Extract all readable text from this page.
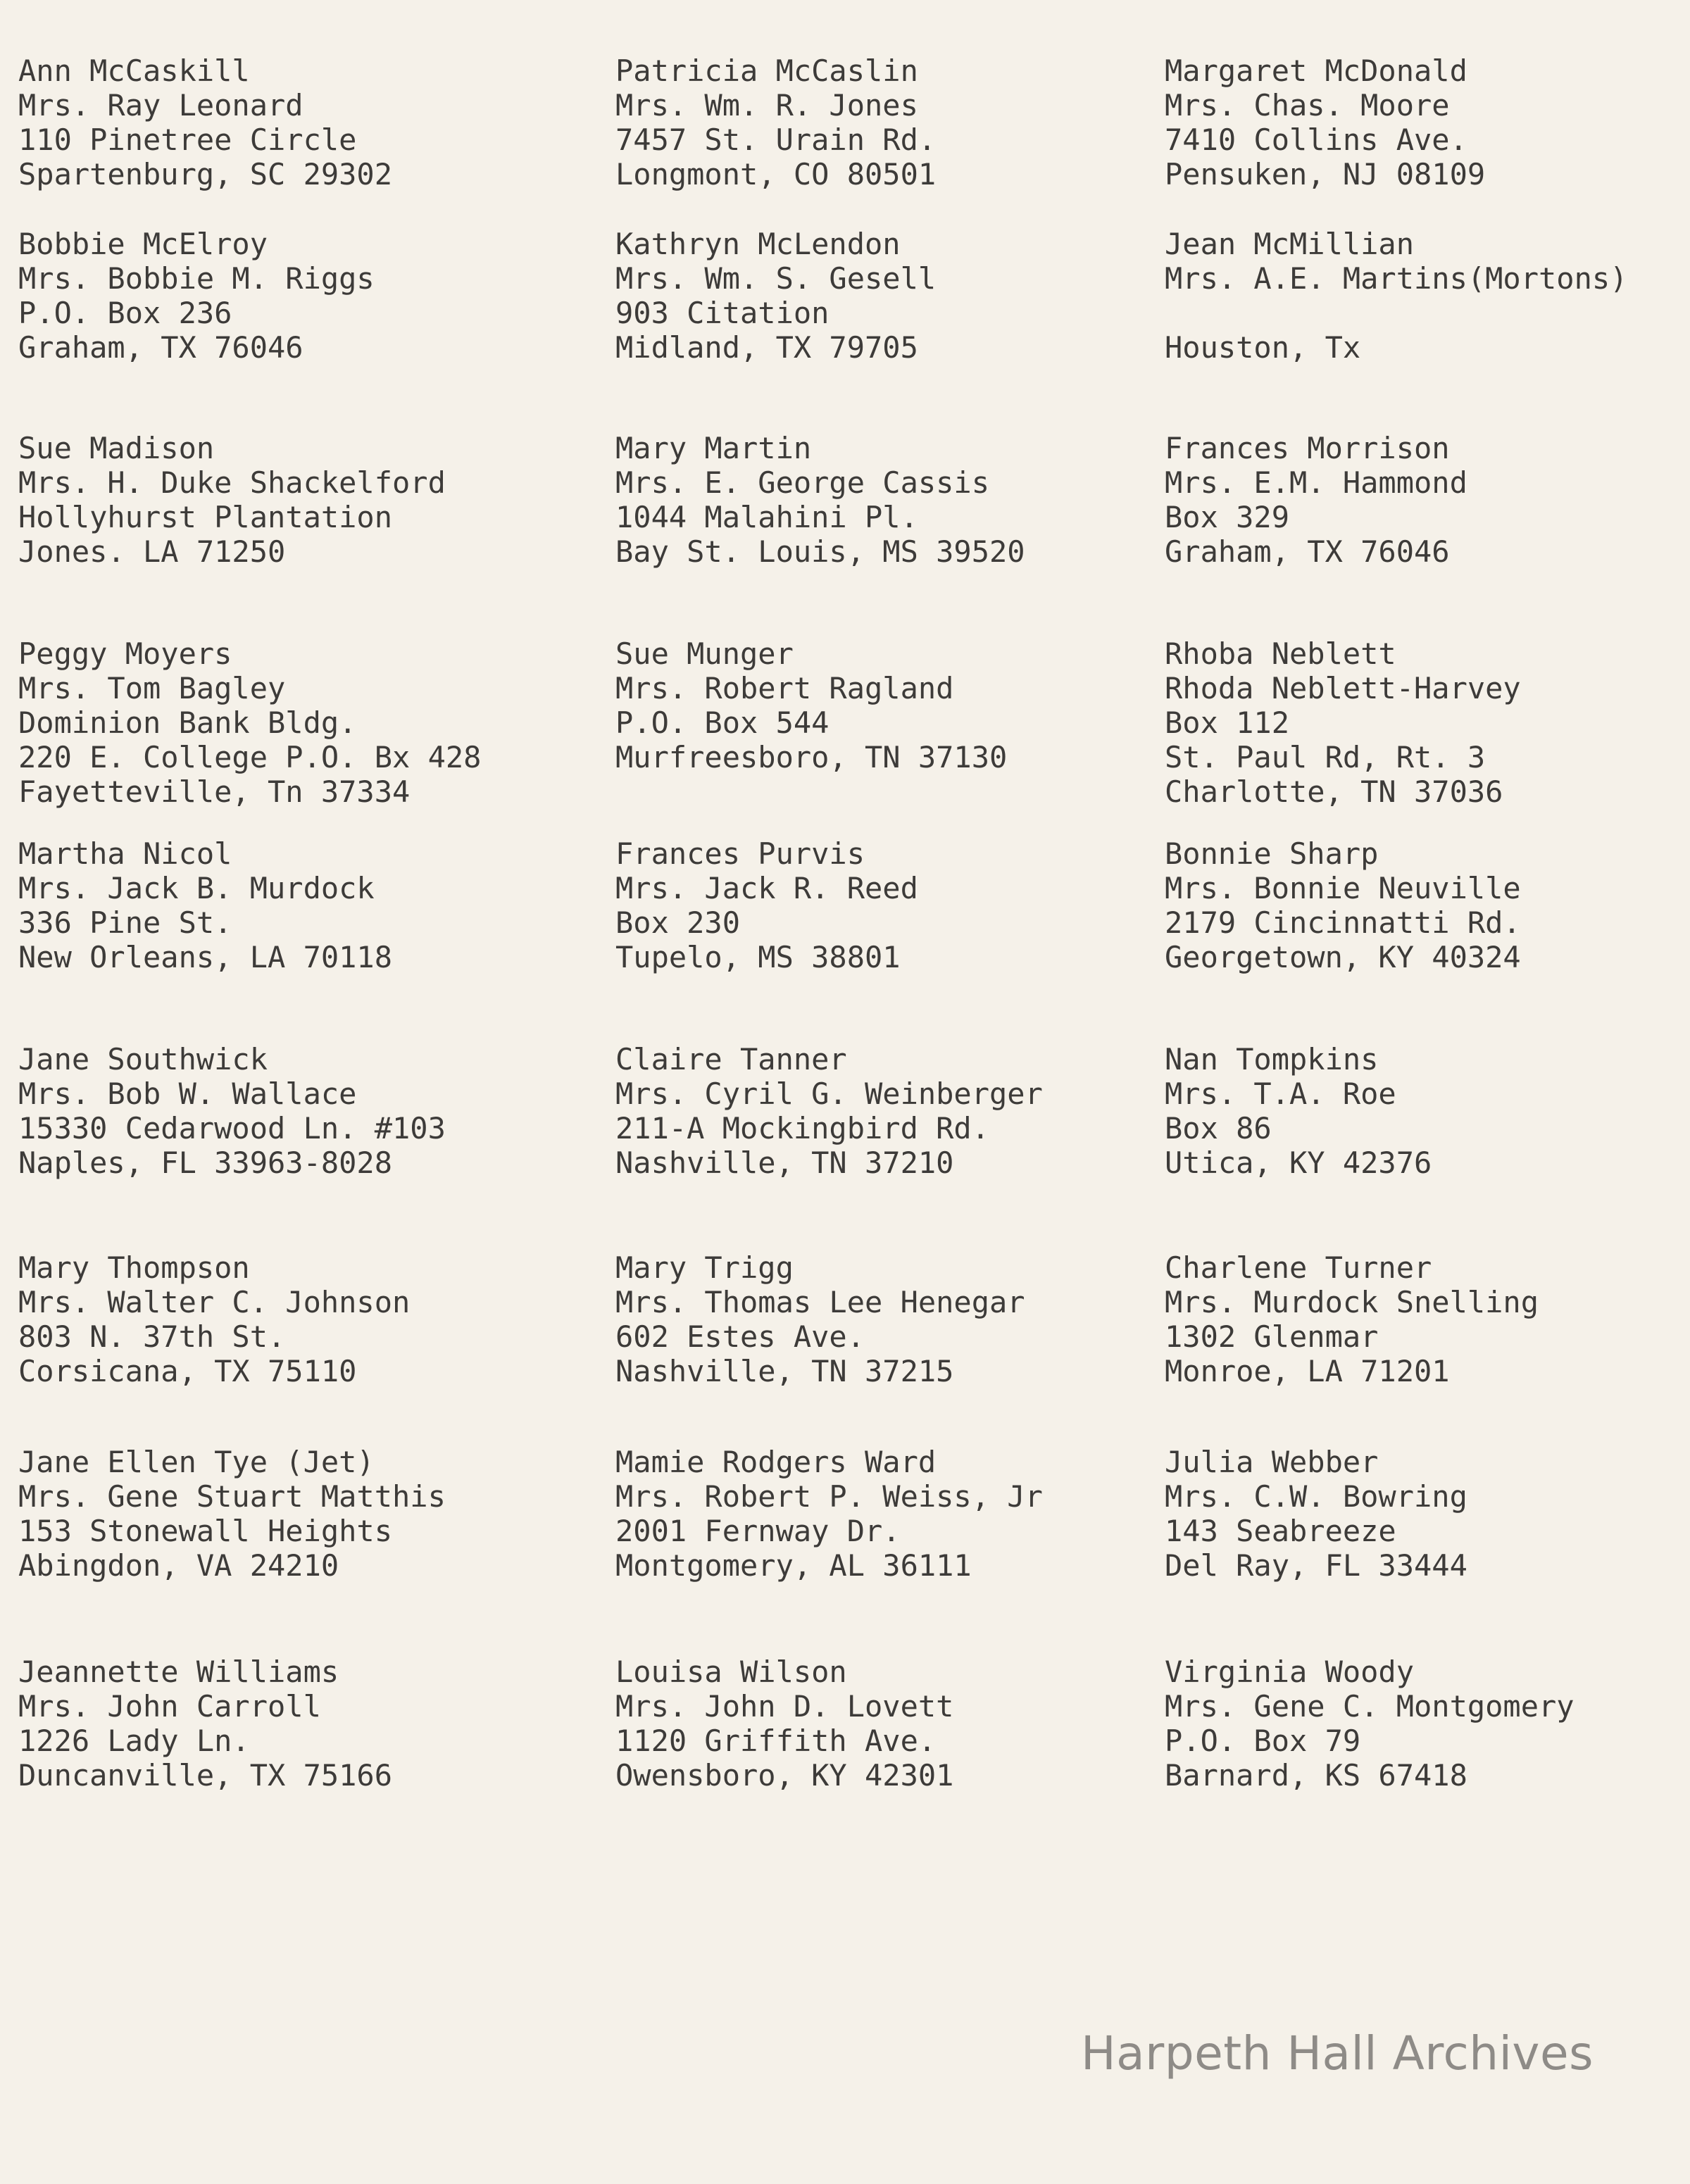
Ann McCaskill
Mrs. Ray Leonard
110 Pinetree Circle
Spartenburg, SC 29302
Patricia McCaslin
Mrs. Wm. R. Jones
7457 St. Urain Rd.
Longmont, CO 80501
Margaret McDonald
Mrs. Chas. Moore
7410 Collins Ave.
Pensuken, NJ 08109
Bobbie McElroy
Mrs. Bobbie M. Riggs
P.O. Box 236
Graham, TX 76046
Kathryn McLendon
Mrs. Wm. S. Gesell
903 Citation
Midland, TX 79705
Jean McMillian
Mrs. A.E. Martins(Mortons)
Houston, Tx
Sue Madison
Mrs. H. Duke Shackelford
Hollyhurst Plantation
Jones. LA 71250
Mary Martin
Mrs. E. George Cassis
1044 Malahini Pl.
Bay St. Louis, MS 39520
Frances Morrison
Mrs. E.M. Hammond
Box 329
Graham, TX 76046
Peggy Moyers
Mrs. Tom Bagley
Dominion Bank Bldg.
220 E. College P.O. Bx 428
Fayetteville, Tn 37334
Sue Munger
Mrs. Robert Ragland
P.O. Box 544
Murfreesboro, TN 37130
Rhoba Neblett
Rhoda Neblett-Harvey
Box 112
St. Paul Rd, Rt. 3
Charlotte, TN 37036
Martha Nicol
Mrs. Jack B. Murdock
336 Pine St.
New Orleans, LA 70118
Frances Purvis
Mrs. Jack R. Reed
Box 230
Tupelo, MS 38801
Bonnie Sharp
Mrs. Bonnie Neuville
2179 Cincinnatti Rd.
Georgetown, KY 40324
Jane Southwick
Mrs. Bob W. Wallace
15330 Cedarwood Ln. #103
Naples, FL 33963-8028
Claire Tanner
Mrs. Cyril G. Weinberger
211-A Mockingbird Rd.
Nashville, TN 37210
Nan Tompkins
Mrs. T.A. Roe
Box 86
Utica, KY 42376
Mary Thompson
Mrs. Walter C. Johnson
803 N. 37th St.
Corsicana, TX 75110
Mary Trigg
Mrs. Thomas Lee Henegar
602 Estes Ave.
Nashville, TN 37215
Charlene Turner
Mrs. Murdock Snelling
1302 Glenmar
Monroe, LA 71201
Jane Ellen Tye (Jet)
Mrs. Gene Stuart Matthis
153 Stonewall Heights
Abingdon, VA 24210
Mamie Rodgers Ward
Mrs. Robert P. Weiss, Jr
2001 Fernway Dr.
Montgomery, AL 36111
Julia Webber
Mrs. C.W. Bowring
143 Seabreeze
Del Ray, FL 33444
Jeannette Williams
Mrs. John Carroll
1226 Lady Ln.
Duncanville, TX 75166
Louisa Wilson
Mrs. John D. Lovett
1120 Griffith Ave.
Owensboro, KY 42301
Virginia Woody
Mrs. Gene C. Montgomery
P.O. Box 79
Barnard, KS 67418
Harpeth Hall Archives
